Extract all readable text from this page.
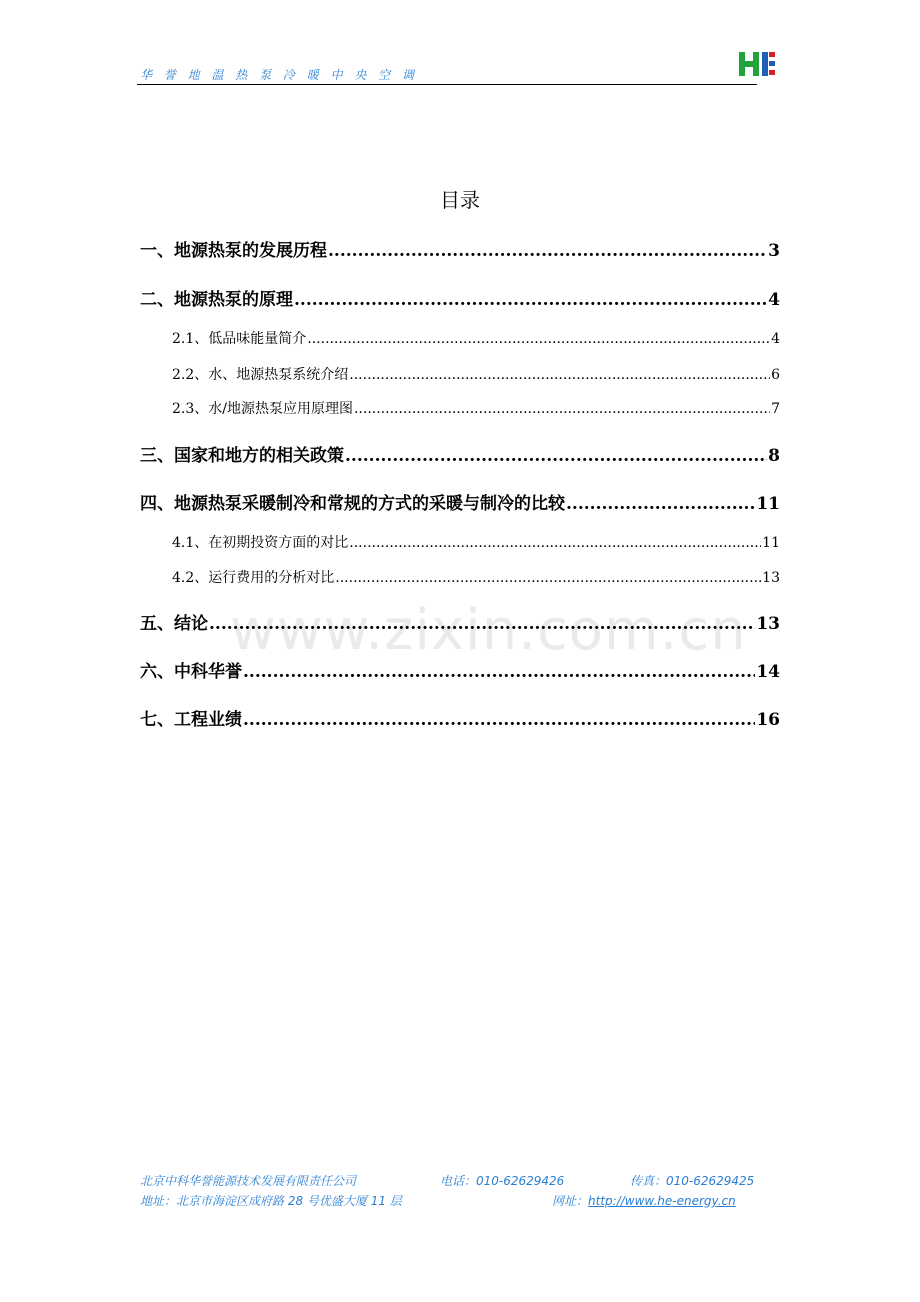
华 誉 地 温 热 泵 冷 暖 中 央 空 调
www.zixin.com.cn
目录
一、地源热泵的发展历程 .....	3
二、地源热泵的原理 .....	4
2.1、低品味能量简介 .....	4
2.2、水、地源热泵系统介绍 .....	6
2.3、水/地源热泵应用原理图 .....	7
三、国家和地方的相关政策 .....	8
四、地源热泵采暖制冷和常规的方式的采暖与制冷的比较 .....	11
4.1、在初期投资方面的对比 .....	11
4.2、运行费用的分析对比 .....	13
五、结论 .....	13
六、中科华誉 .....	14
七、工程业绩 .....	16
北京中科华誉能源技术发展有限责任公司	电话：010-62629426	传真：010-62629425
地址：北京市海淀区成府路 28 号优盛大厦 11 层	网址：http://www.he-energy.cn
